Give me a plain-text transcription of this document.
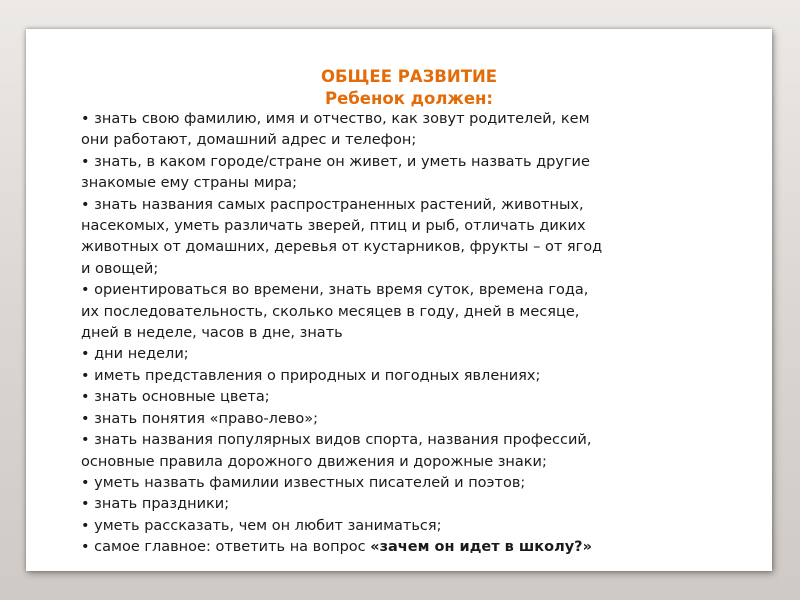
ОБЩЕЕ РАЗВИТИЕ

Ребенок должен:

• знать свою фамилию, имя и отчество, как зовут родителей, кем
они работают, домашний адрес и телефон;
• знать, в каком городе/стране он живет, и уметь назвать другие
знакомые ему страны мира;
• знать названия самых распространенных растений, животных,
насекомых, уметь различать зверей, птиц и рыб, отличать диких
животных от домашних, деревья от кустарников, фрукты – от ягод
и овощей;
• ориентироваться во времени, знать время суток, времена года,
их последовательность, сколько месяцев в году, дней в месяце,
дней в неделе, часов в дне, знать
• дни недели;
• иметь представления о природных и погодных явлениях;
• знать основные цвета;
• знать понятия «право-лево»;
• знать названия популярных видов спорта, названия профессий,
основные правила дорожного движения и дорожные знаки;
• уметь назвать фамилии известных писателей и поэтов;
• знать праздники;
• уметь рассказать, чем он любит заниматься;
• самое главное: ответить на вопрос «зачем он идет в школу?»
